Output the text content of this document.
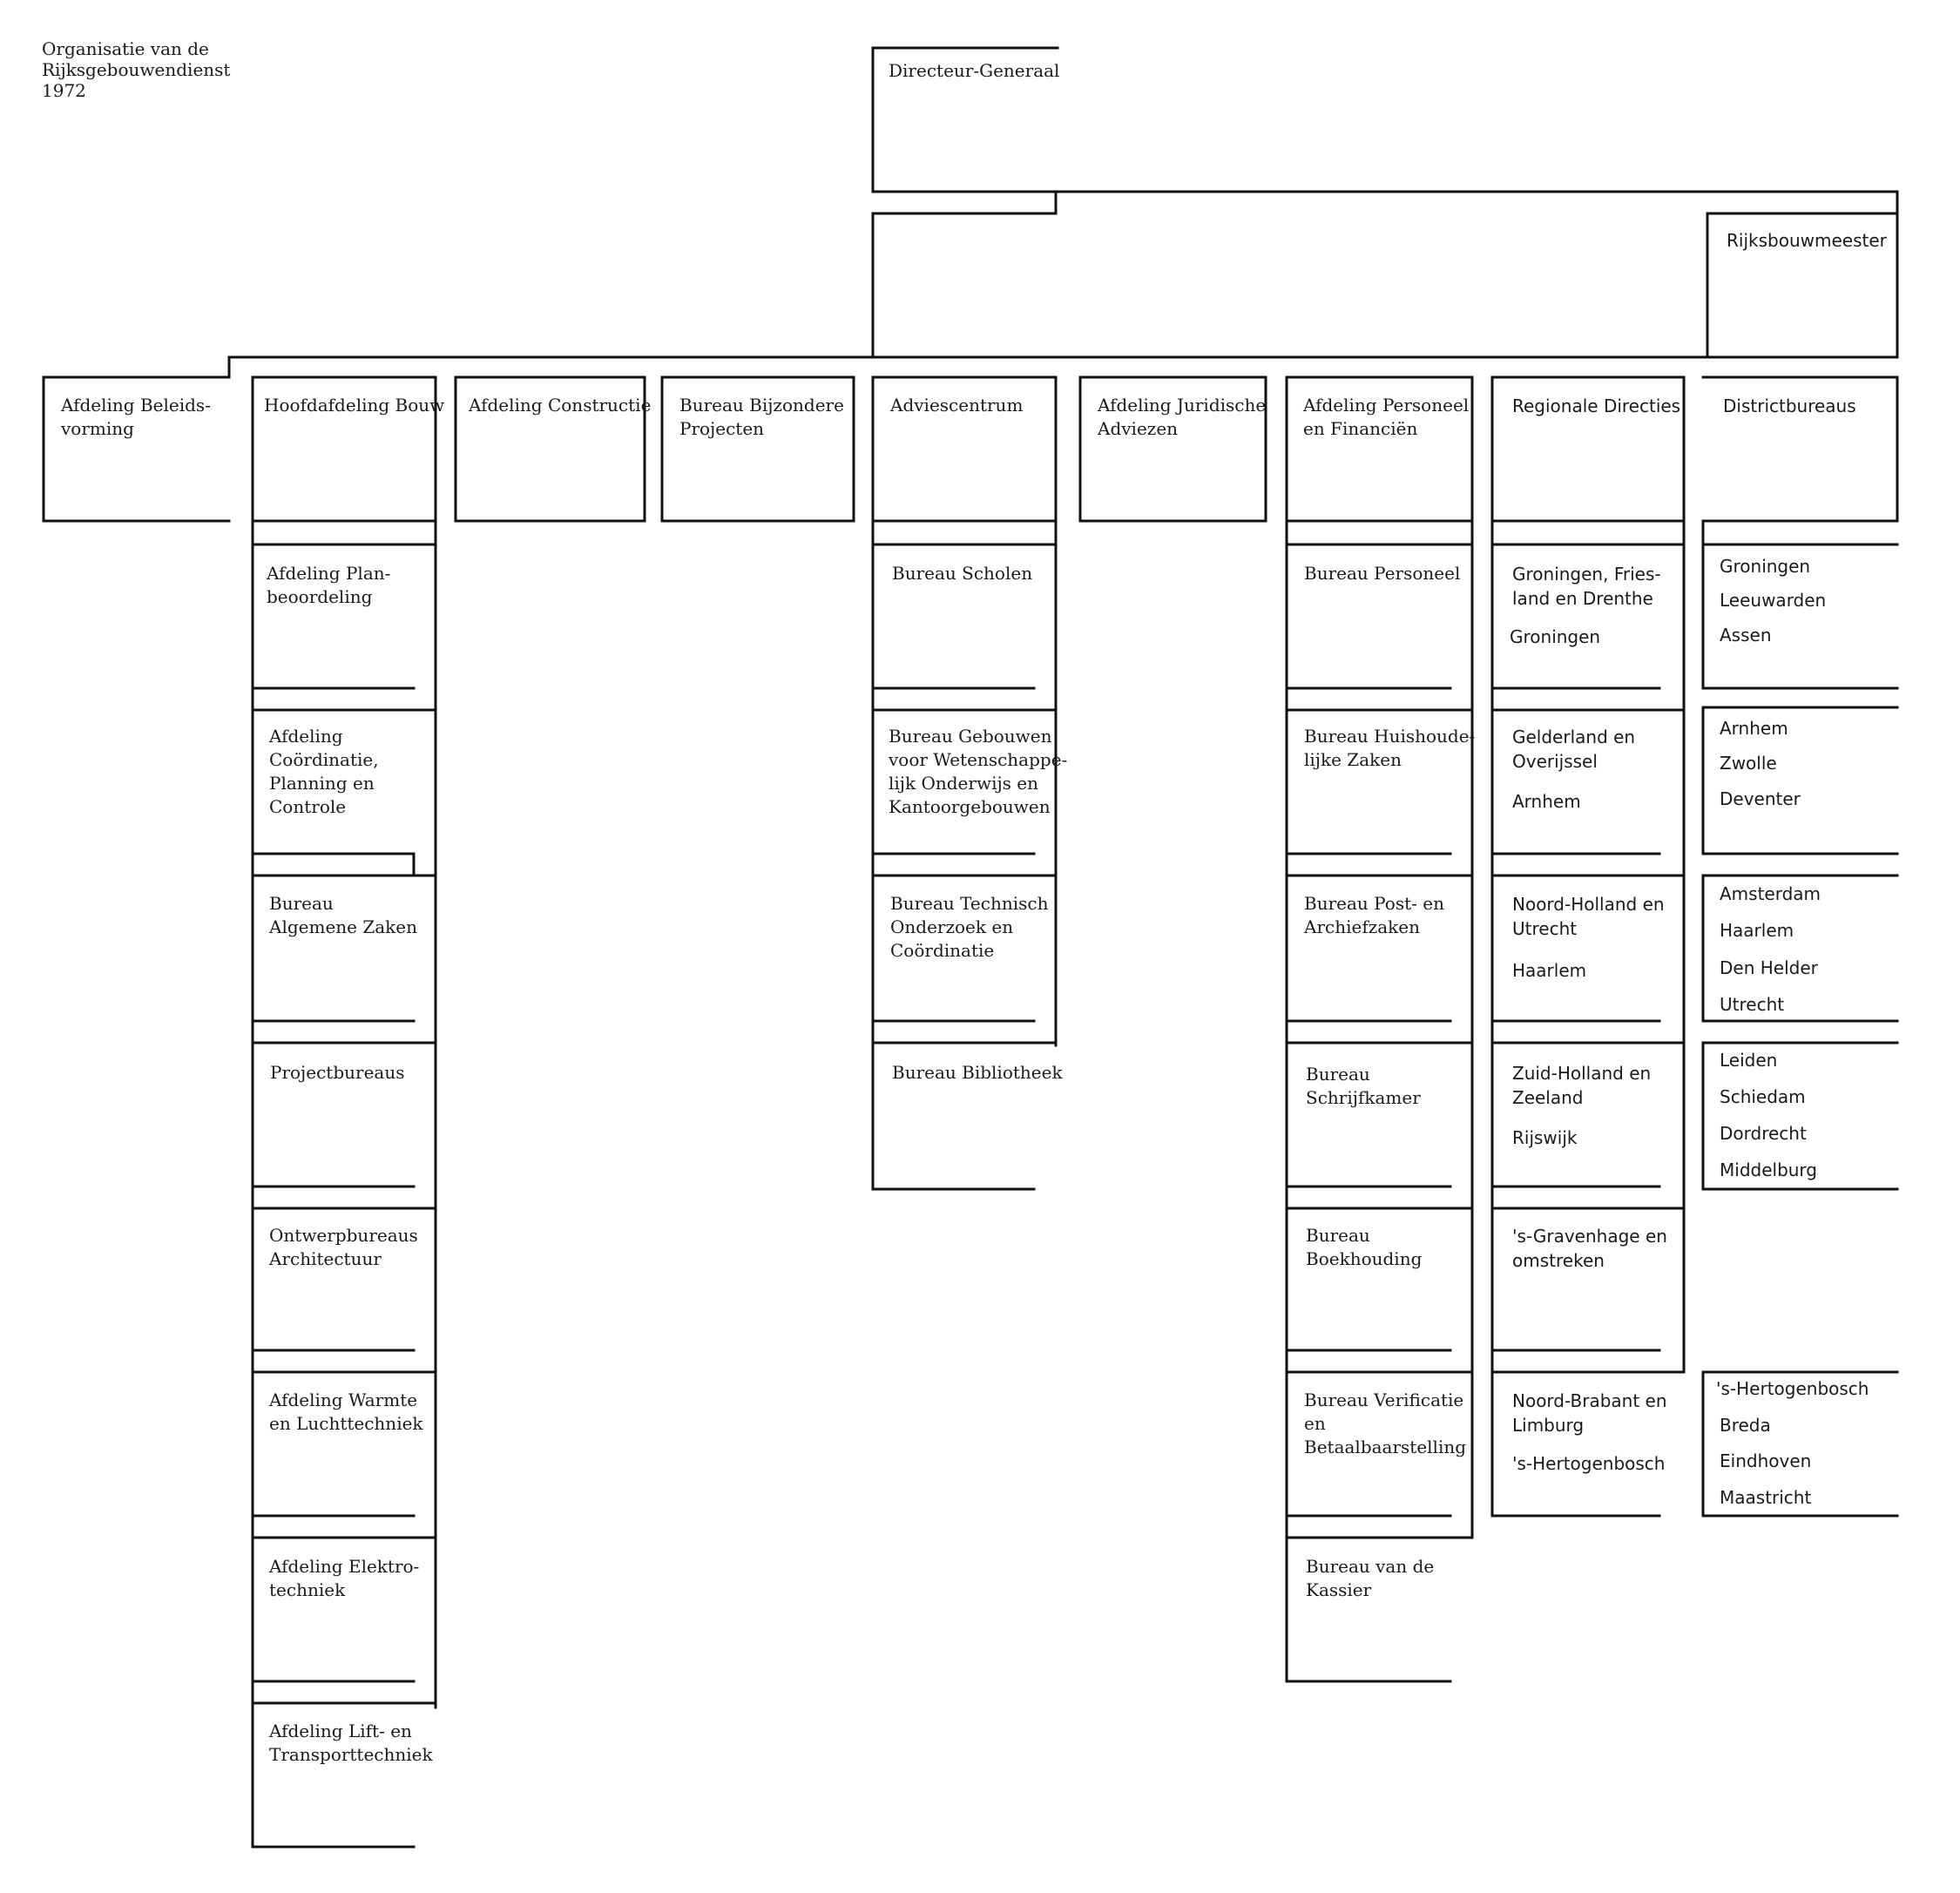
Organisatie van de
Rijksgebouwendienst
1972
Directeur-Generaal
Rijksbouwmeester
Afdeling Beleids-
vorming
Hoofdafdeling Bouw Afdeling Constructie Bureau Bijzondere
Projecten
Adviescentrum	Afdeling Juridische
Adviezen
Afdeling Personeel
en Financiën
Regionale Directies Districtbureaus
Afdeling Plan-
beoordeling
Afdeling
Coördinatie,
Planning en
Controle
Bureau
Algemene Zaken
Projectbureaus
Ontwerpbureaus
Architectuur
Afdeling Warmte
en Luchttechniek
Afdeling Elektro-
techniek
Afdeling Lift- en
Transporttechniek
Bureau Scholen
Bureau Gebouwen
voor Wetenschappe-
lijk Onderwijs en
Kantoorgebouwen
Bureau Technisch
Onderzoek en
Coördinatie
Bureau Bibliotheek
Bureau Personeel
Bureau Huishoude-
lijke Zaken
Bureau Post- en
Archiefzaken
Bureau
Schrijfkamer
Bureau
Boekhouding
Bureau Verificatie
en
Betaalbaarstelling
Bureau van de
Kassier
Groningen, Fries-
land en Drenthe
Groningen
Gelderland en
Overijssel
Arnhem
Noord-Holland en
Utrecht
Haarlem
Zuid-Holland en
Zeeland
Rijswijk
's-Gravenhage en
omstreken
Noord-Brabant en
Limburg
's-Hertogenbosch
Groningen
Leeuwarden
Assen
Arnhem
Zwolle
Deventer
Amsterdam
Haarlem
Den Helder
Utrecht
Leiden
Schiedam
Dordrecht
Middelburg
's-Hertogenbosch
Breda
Eindhoven
Maastricht
